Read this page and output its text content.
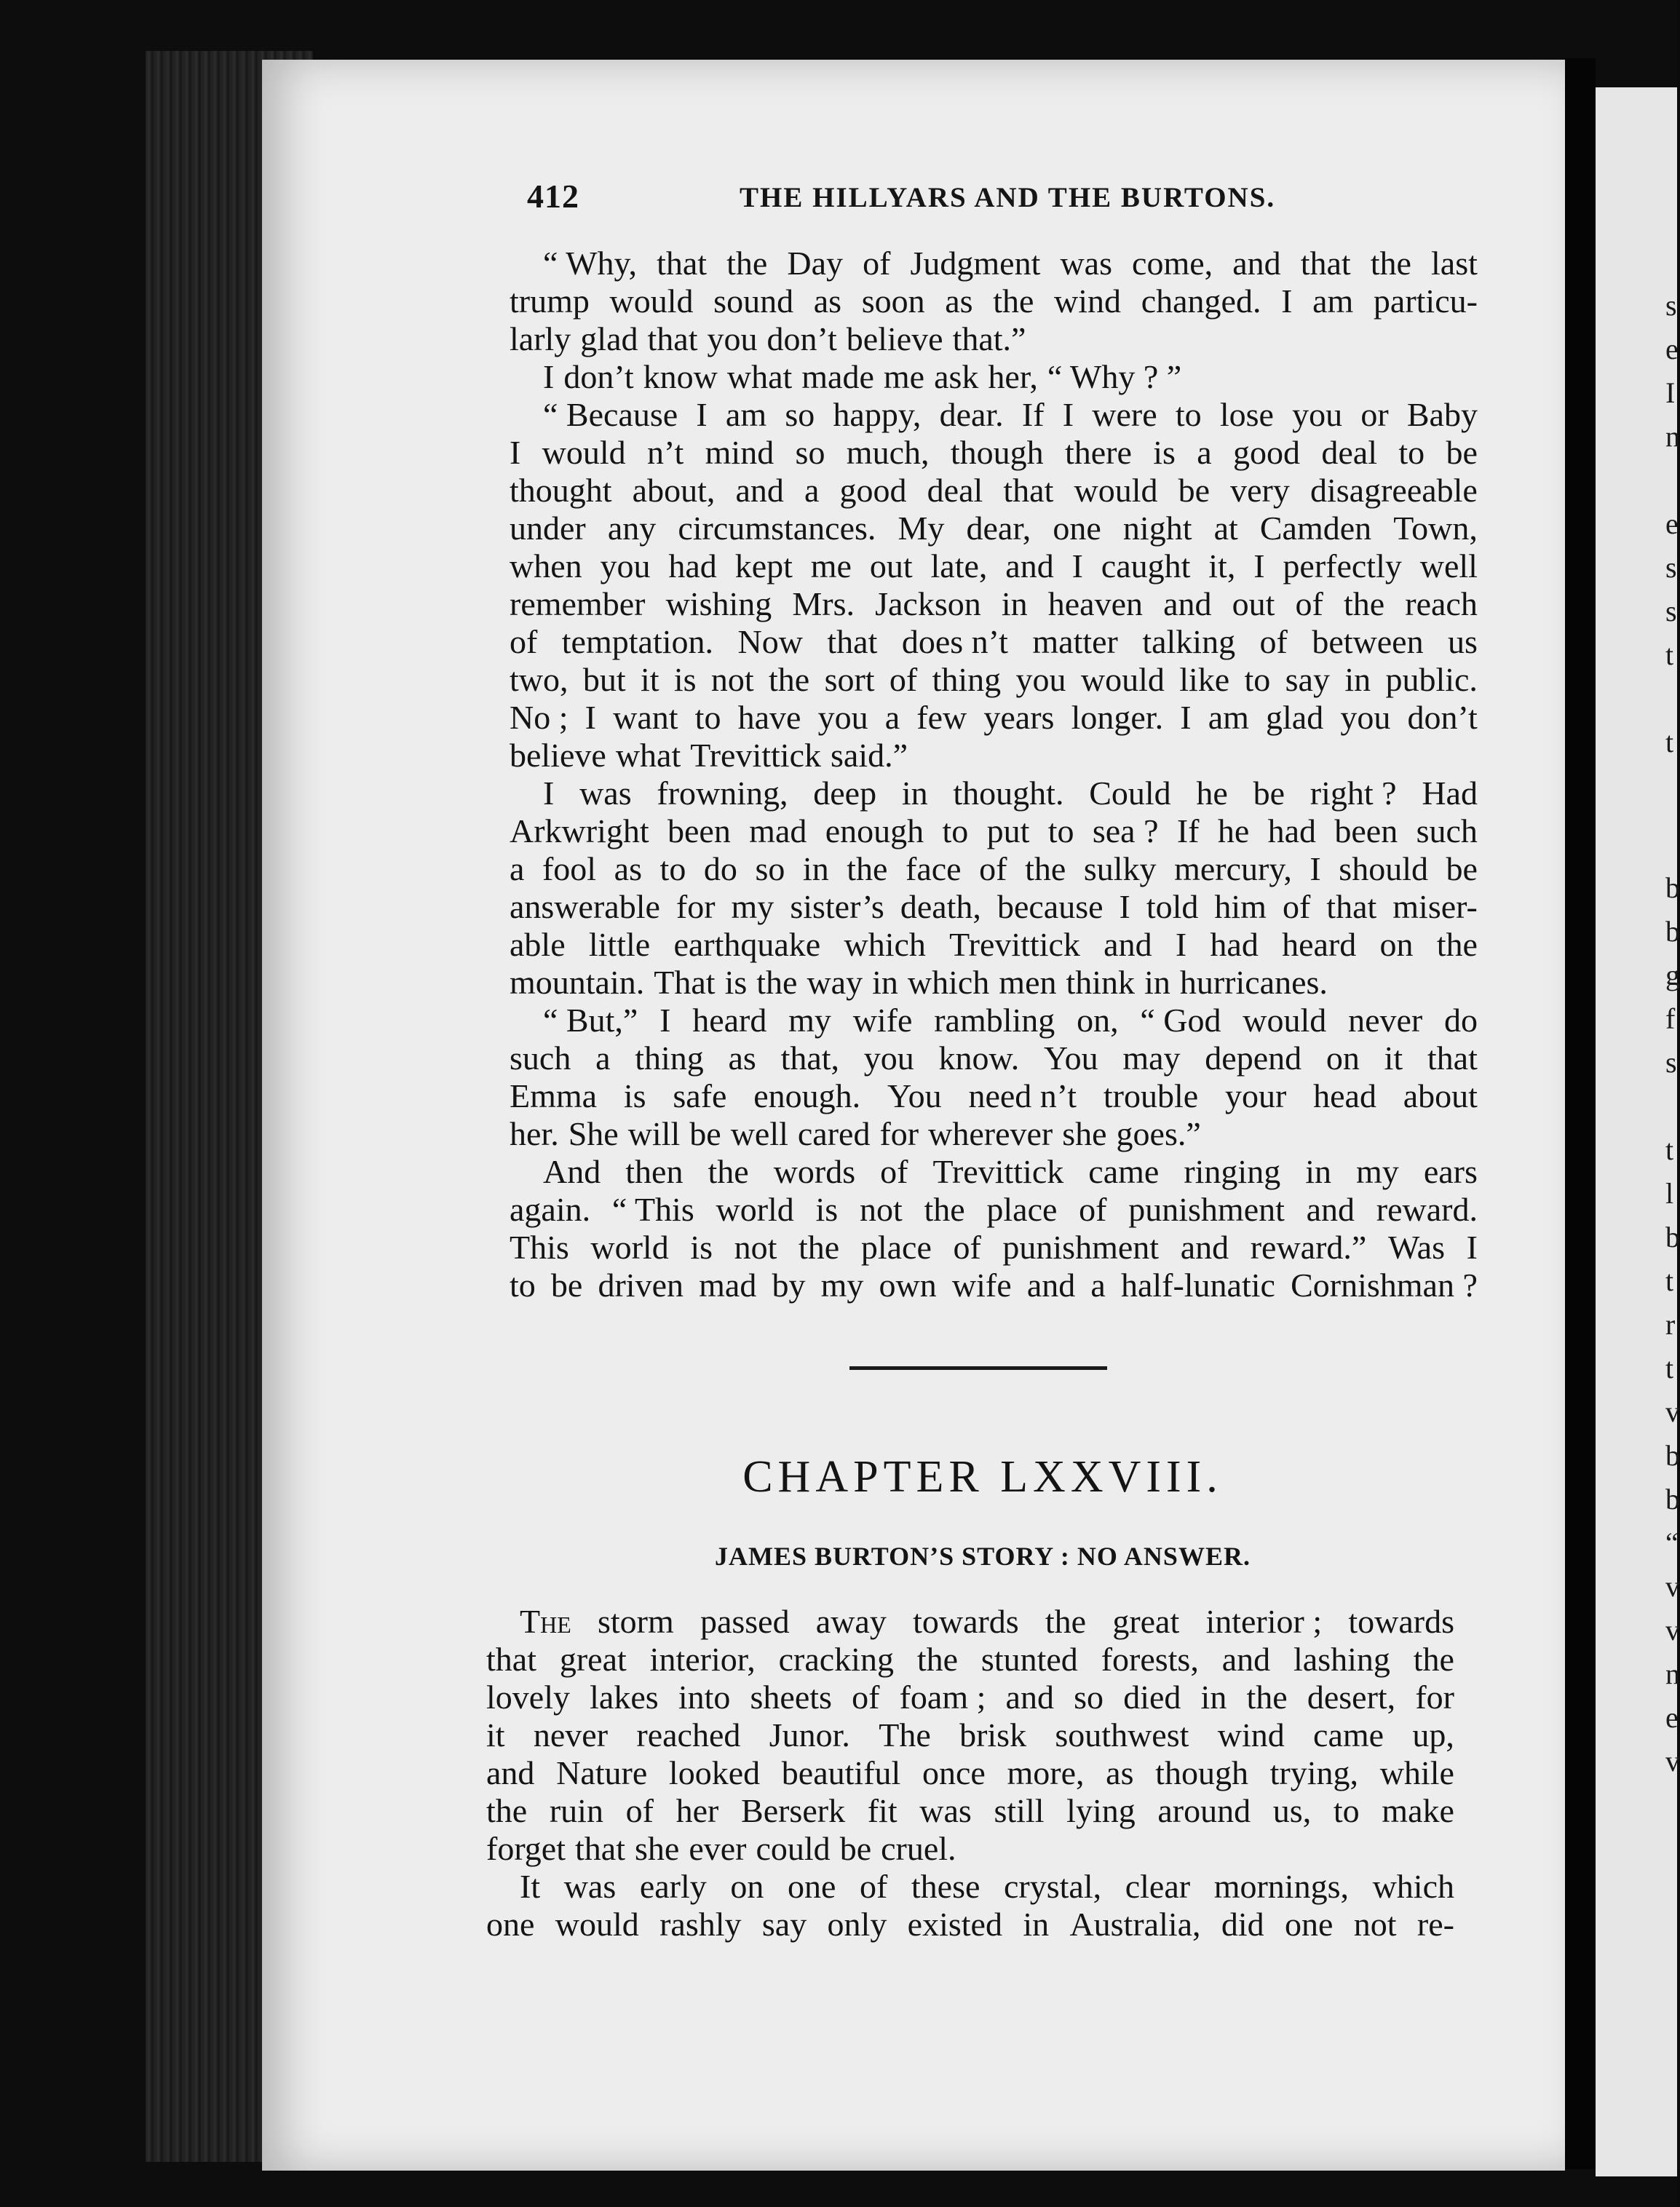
s
e
I
n
e
s
s
t
t
b
b
g
f
s
t
l
b
t
r
t
v
b
b
“
v
v
n
e
v
412	THE HILLYARS AND THE BURTONS.
“ Why, that the Day of Judgment was come, and that the last
trump would sound as soon as the wind changed. I am particu-
larly glad that you don’t believe that.”
I don’t know what made me ask her, “ Why ? ”
“ Because I am so happy, dear. If I were to lose you or Baby
I would n’t mind so much, though there is a good deal to be
thought about, and a good deal that would be very disagreeable
under any circumstances. My dear, one night at Camden Town,
when you had kept me out late, and I caught it, I perfectly well
remember wishing Mrs. Jackson in heaven and out of the reach
of temptation. Now that does n’t matter talking of between us
two, but it is not the sort of thing you would like to say in public.
No ; I want to have you a few years longer. I am glad you don’t
believe what Trevittick said.”
I was frowning, deep in thought. Could he be right ? Had
Arkwright been mad enough to put to sea ? If he had been such
a fool as to do so in the face of the sulky mercury, I should be
answerable for my sister’s death, because I told him of that miser-
able little earthquake which Trevittick and I had heard on the
mountain. That is the way in which men think in hurricanes.
“ But,” I heard my wife rambling on, “ God would never do
such a thing as that, you know. You may depend on it that
Emma is safe enough. You need n’t trouble your head about
her. She will be well cared for wherever she goes.”
And then the words of Trevittick came ringing in my ears
again. “ This world is not the place of punishment and reward.
This world is not the place of punishment and reward.” Was I
to be driven mad by my own wife and a half-lunatic Cornishman ?
CHAPTER LXXVIII.
JAMES BURTON’S STORY : NO ANSWER.
The storm passed away towards the great interior ; towards
that great interior, cracking the stunted forests, and lashing the
lovely lakes into sheets of foam ; and so died in the desert, for
it never reached Junor. The brisk southwest wind came up,
and Nature looked beautiful once more, as though trying, while
the ruin of her Berserk fit was still lying around us, to make
forget that she ever could be cruel.
It was early on one of these crystal, clear mornings, which
one would rashly say only existed in Australia, did one not re-
